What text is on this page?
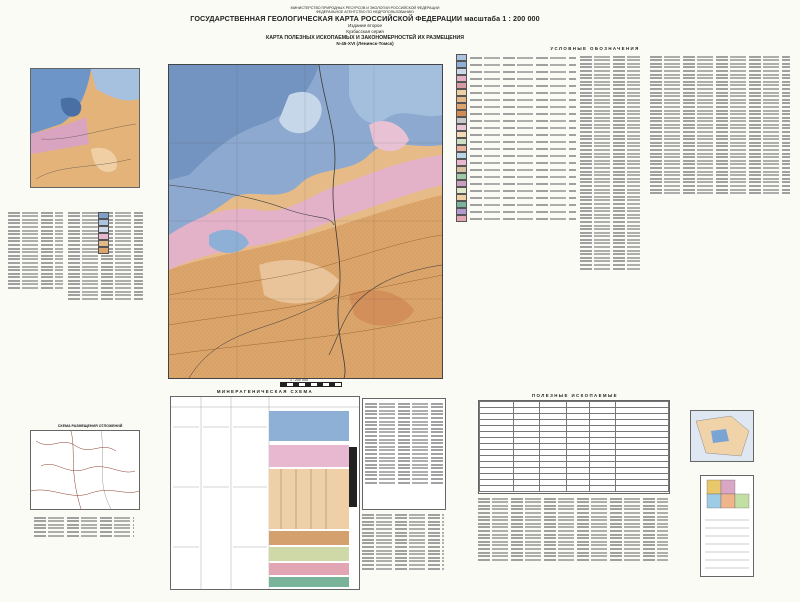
МИНИСТЕРСТВО ПРИРОДНЫХ РЕСУРСОВ И ЭКОЛОГИИ РОССИЙСКОЙ ФЕДЕРАЦИИ
ФЕДЕРАЛЬНОЕ АГЕНТСТВО ПО НЕДРОПОЛЬЗОВАНИЮ
ГОСУДАРСТВЕННАЯ ГЕОЛОГИЧЕСКАЯ КАРТА РОССИЙСКОЙ ФЕДЕРАЦИИ масштаба 1 : 200 000
Издание второе
Кузбасская серия
КАРТА ПОЛЕЗНЫХ ИСКОПАЕМЫХ И ЗАКОНОМЕРНОСТЕЙ ИХ РАЗМЕЩЕНИЯ
N-45-XVI (Ленинск-Томск)
1 : 200 000
СХЕМА РАЗМЕЩЕНИЯ ОТЛОЖЕНИЙ
МИНЕРАГЕНИЧЕСКАЯ СХЕМА
УСЛОВНЫЕ ОБОЗНАЧЕНИЯ
ПОЛЕЗНЫЕ ИСКОПАЕМЫЕ
